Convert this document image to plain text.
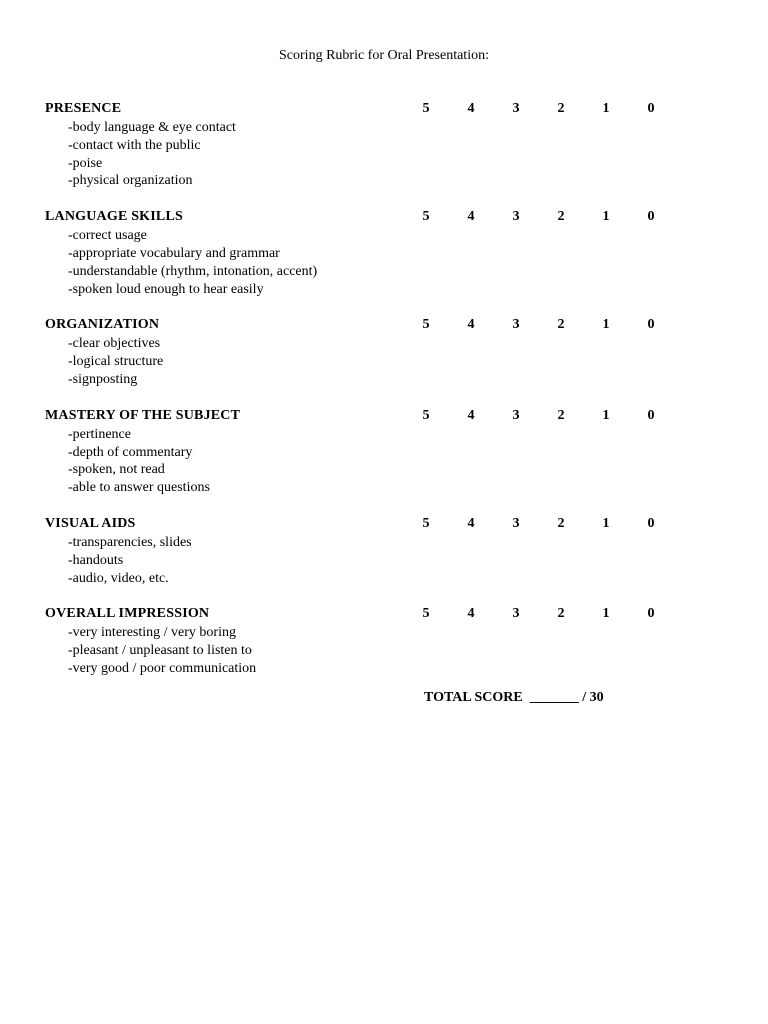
Scoring Rubric for Oral Presentation:
PRESENCE	5	4	3	2	1	0
-body language & eye contact
-contact with the public
-poise
-physical organization
LANGUAGE SKILLS	5	4	3	2	1	0
-correct usage
-appropriate vocabulary and grammar
-understandable (rhythm, intonation, accent)
-spoken loud enough to hear easily
ORGANIZATION	5	4	3	2	1	0
-clear objectives
-logical structure
-signposting
MASTERY OF THE SUBJECT	5	4	3	2	1	0
-pertinence
-depth of commentary
-spoken, not read
-able to answer questions
VISUAL AIDS	5	4	3	2	1	0
-transparencies, slides
-handouts
-audio, video, etc.
OVERALL IMPRESSION	5	4	3	2	1	0
-very interesting / very boring
-pleasant / unpleasant to listen to
-very good / poor communication
TOTAL SCORE _______ / 30
